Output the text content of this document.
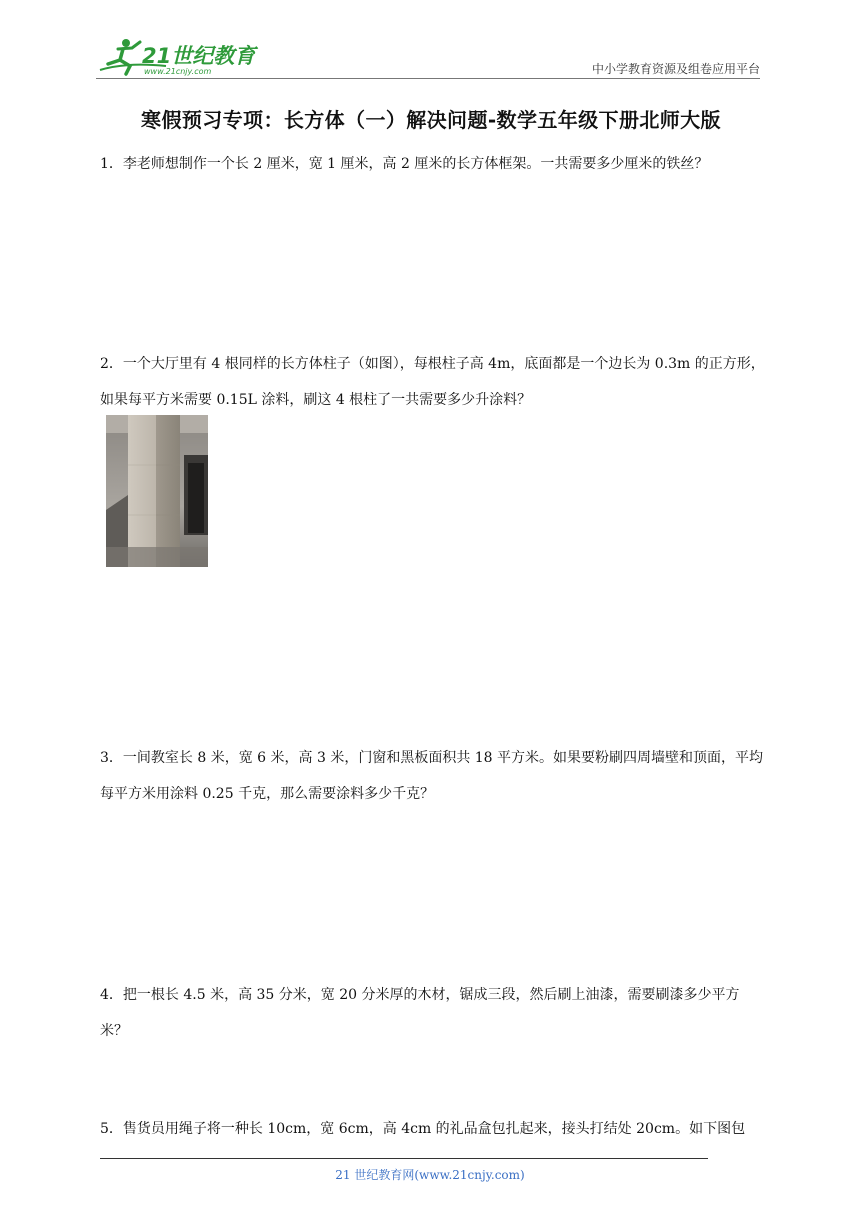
21世纪教育
www.21cnjy.com	中小学教育资源及组卷应用平台
寒假预习专项：长方体（一）解决问题-数学五年级下册北师大版
1．李老师想制作一个长 2 厘米，宽 1 厘米，高 2 厘米的长方体框架。一共需要多少厘米的铁丝？
2．一个大厅里有 4 根同样的长方体柱子（如图），每根柱子高 4m，底面都是一个边长为 0.3m 的正方形，如果每平方米需要 0.15L 涂料，刷这 4 根柱了一共需要多少升涂料？
3．一间教室长 8 米，宽 6 米，高 3 米，门窗和黑板面积共 18 平方米。如果要粉刷四周墙壁和顶面，平均每平方米用涂料 0.25 千克，那么需要涂料多少千克？
4．把一根长 4.5 米，高 35 分米，宽 20 分米厚的木材，锯成三段，然后刷上油漆，需要刷漆多少平方米？
5．售货员用绳子将一种长 10cm，宽 6cm，高 4cm 的礼品盒包扎起来，接头打结处 20cm。如下图包
21 世纪教育网(www.21cnjy.com)
